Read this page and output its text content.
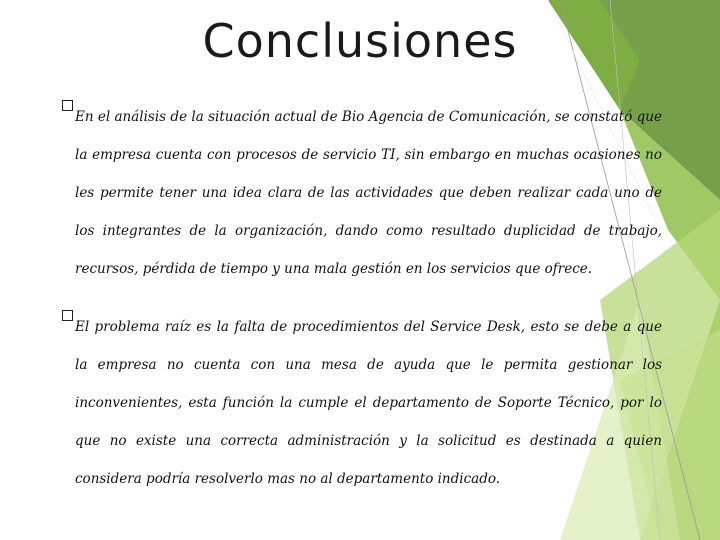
Conclusiones

En el análisis de la situación actual de Bio Agencia de Comunicación, se constató que la empresa cuenta con procesos de servicio TI, sin embargo en muchas ocasiones no les permite tener una idea clara de las actividades que deben realizar cada uno de los integrantes de la organización, dando como resultado duplicidad de trabajo, recursos, pérdida de tiempo y una mala gestión en los servicios que ofrece.

El problema raíz es la falta de procedimientos del Service Desk, esto se debe a que la empresa no cuenta con una mesa de ayuda que le permita gestionar los inconvenientes, esta función la cumple el departamento de Soporte Técnico, por lo que no existe una correcta administración y la solicitud es destinada a quien considera podría resolverlo mas no al departamento indicado.
